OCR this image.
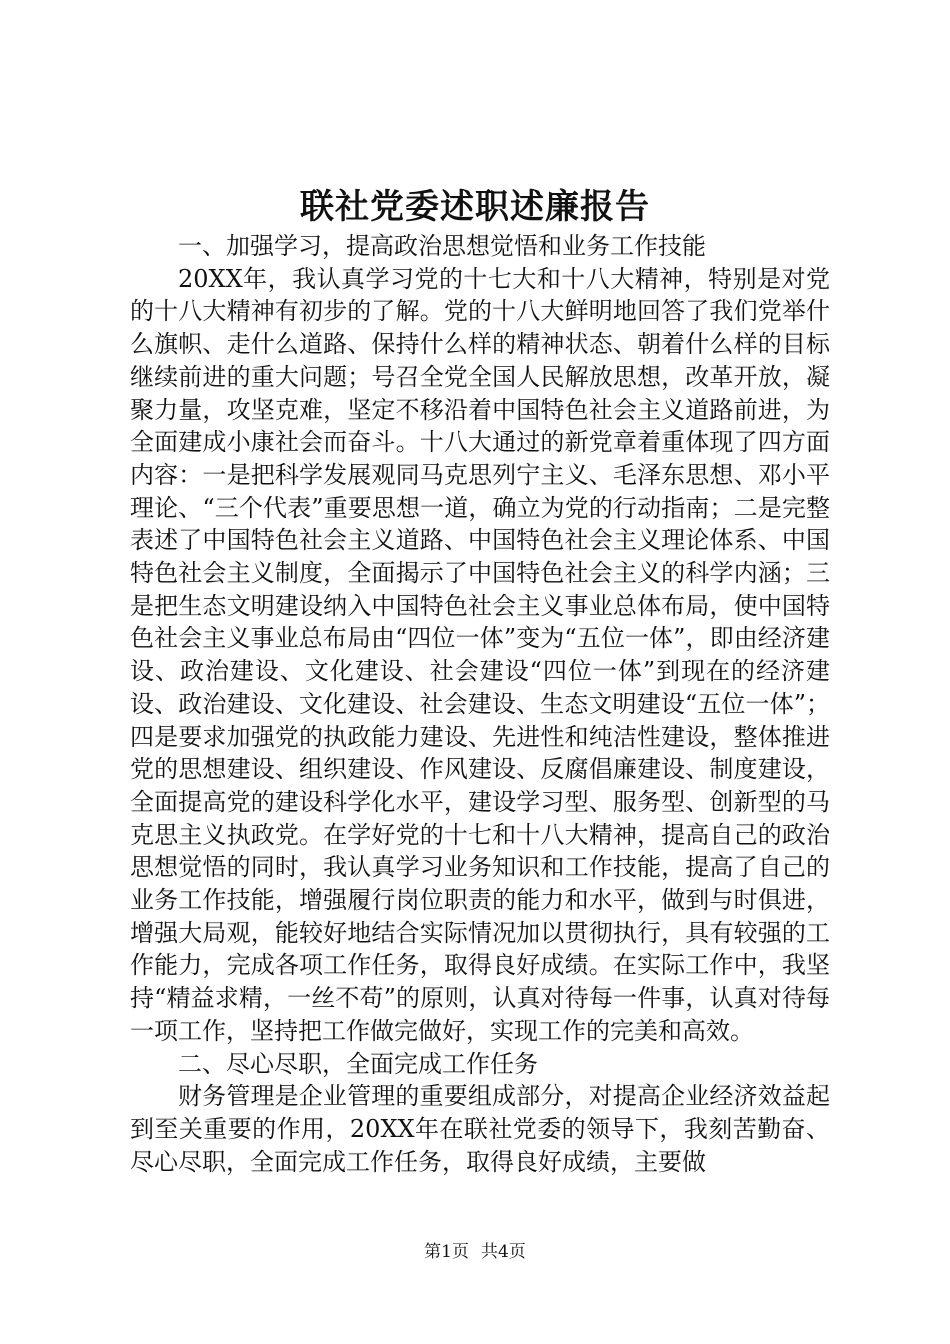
联社党委述职述廉报告

一、加强学习，提高政治思想觉悟和业务工作技能

20XX年，我认真学习党的十七大和十八大精神，特别是对党的十八大精神有初步的了解。党的十八大鲜明地回答了我们党举什么旗帜、走什么道路、保持什么样的精神状态、朝着什么样的目标继续前进的重大问题；号召全党全国人民解放思想，改革开放，凝聚力量，攻坚克难，坚定不移沿着中国特色社会主义道路前进，为全面建成小康社会而奋斗。十八大通过的新党章着重体现了四方面内容：一是把科学发展观同马克思列宁主义、毛泽东思想、邓小平理论、“三个代表”重要思想一道，确立为党的行动指南；二是完整表述了中国特色社会主义道路、中国特色社会主义理论体系、中国特色社会主义制度，全面揭示了中国特色社会主义的科学内涵；三是把生态文明建设纳入中国特色社会主义事业总体布局，使中国特色社会主义事业总布局由“四位一体”变为“五位一体”，即由经济建设、政治建设、文化建设、社会建设“四位一体”到现在的经济建设、政治建设、文化建设、社会建设、生态文明建设“五位一体”；四是要求加强党的执政能力建设、先进性和纯洁性建设，整体推进党的思想建设、组织建设、作风建设、反腐倡廉建设、制度建设，全面提高党的建设科学化水平，建设学习型、服务型、创新型的马克思主义执政党。在学好党的十七和十八大精神，提高自己的政治思想觉悟的同时，我认真学习业务知识和工作技能，提高了自己的业务工作技能，增强履行岗位职责的能力和水平，做到与时俱进，增强大局观，能较好地结合实际情况加以贯彻执行，具有较强的工作能力，完成各项工作任务，取得良好成绩。在实际工作中，我坚持“精益求精，一丝不苟”的原则，认真对待每一件事，认真对待每一项工作，坚持把工作做完做好，实现工作的完美和高效。

二、尽心尽职，全面完成工作任务

财务管理是企业管理的重要组成部分，对提高企业经济效益起到至关重要的作用，20XX年在联社党委的领导下，我刻苦勤奋、尽心尽职，全面完成工作任务，取得良好成绩，主要做

第1页 共4页
